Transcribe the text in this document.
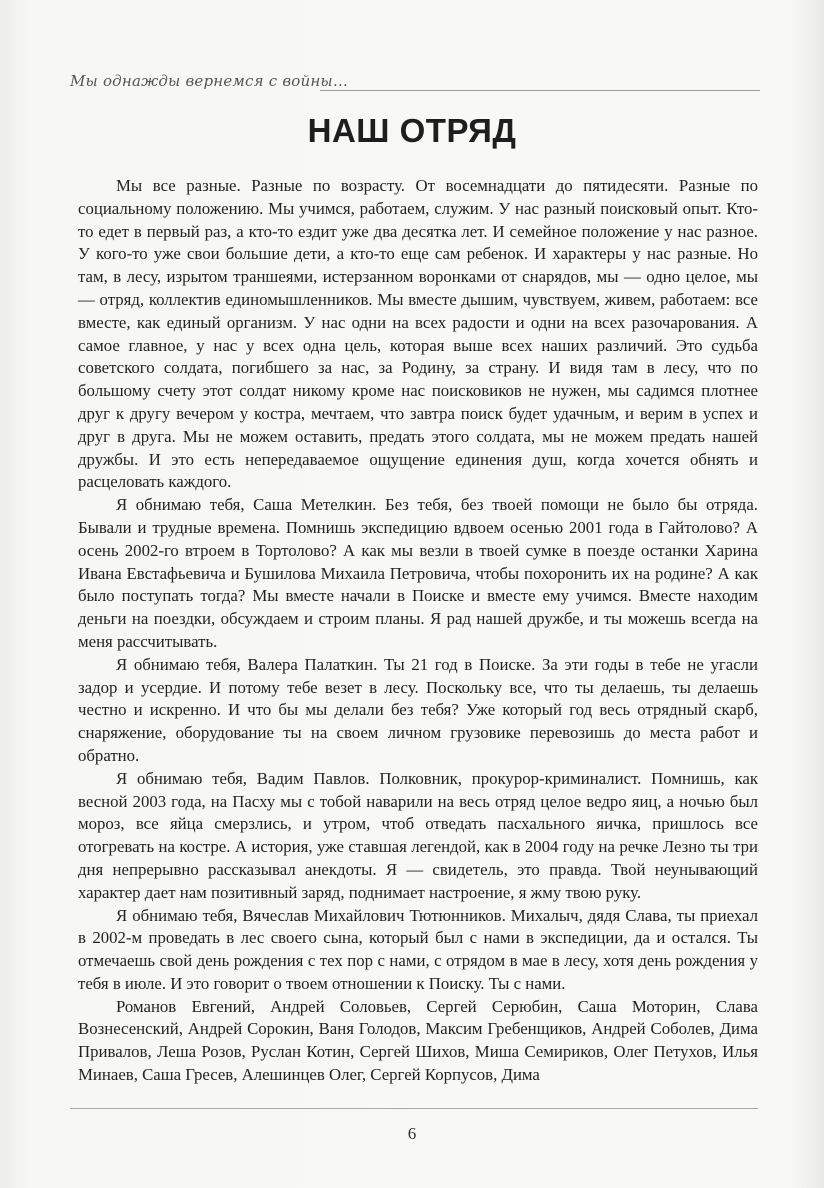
Мы однажды вернемся с войны…
НАШ ОТРЯД

Мы все разные. Разные по возрасту. От восемнадцати до пятидесяти. Разные по социальному положению. Мы учимся, работаем, служим. У нас разный поисковый опыт. Кто-то едет в первый раз, а кто-то ездит уже два десятка лет. И семейное положение у нас разное. У кого-то уже свои большие дети, а кто-то еще сам ребенок. И характеры у нас разные. Но там, в лесу, изрытом траншеями, истерзанном воронками от снарядов, мы — одно целое, мы — отряд, коллектив единомышленников. Мы вместе дышим, чувствуем, живем, работаем: все вместе, как единый организм. У нас одни на всех радости и одни на всех разочарования. А самое главное, у нас у всех одна цель, которая выше всех наших различий. Это судьба советского солдата, погибшего за нас, за Родину, за страну. И видя там в лесу, что по большому счету этот солдат никому кроме нас поисковиков не нужен, мы садимся плотнее друг к другу вечером у костра, мечтаем, что завтра поиск будет удачным, и верим в успех и друг в друга. Мы не можем оставить, предать этого солдата, мы не можем предать нашей дружбы. И это есть непередаваемое ощущение единения душ, когда хочется обнять и расцеловать каждого.

Я обнимаю тебя, Саша Метелкин. Без тебя, без твоей помощи не было бы отряда. Бывали и трудные времена. Помнишь экспедицию вдвоем осенью 2001 года в Гайтолово? А осень 2002-го втроем в Тортолово? А как мы везли в твоей сумке в поезде останки Харина Ивана Евстафьевича и Бушилова Михаила Петровича, чтобы похоронить их на родине? А как было поступать тогда? Мы вместе начали в Поиске и вместе ему учимся. Вместе находим деньги на поездки, обсуждаем и строим планы. Я рад нашей дружбе, и ты можешь всегда на меня рассчитывать.

Я обнимаю тебя, Валера Палаткин. Ты 21 год в Поиске. За эти годы в тебе не угасли задор и усердие. И потому тебе везет в лесу. Поскольку все, что ты делаешь, ты делаешь честно и искренно. И что бы мы делали без тебя? Уже который год весь отрядный скарб, снаряжение, оборудование ты на своем личном грузовике перевозишь до места работ и обратно.

Я обнимаю тебя, Вадим Павлов. Полковник, прокурор-криминалист. Помнишь, как весной 2003 года, на Пасху мы с тобой наварили на весь отряд целое ведро яиц, а ночью был мороз, все яйца смерзлись, и утром, чтоб отведать пасхального яичка, пришлось все отогревать на костре. А история, уже ставшая легендой, как в 2004 году на речке Лезно ты три дня непрерывно рассказывал анекдоты. Я — свидетель, это правда. Твой неунывающий характер дает нам позитивный заряд, поднимает настроение, я жму твою руку.

Я обнимаю тебя, Вячеслав Михайлович Тютюнников. Михалыч, дядя Слава, ты приехал в 2002-м проведать в лес своего сына, который был с нами в экспедиции, да и остался. Ты отмечаешь свой день рождения с тех пор с нами, с отрядом в мае в лесу, хотя день рождения у тебя в июле. И это говорит о твоем отношении к Поиску. Ты с нами.

Романов Евгений, Андрей Соловьев, Сергей Серюбин, Саша Моторин, Слава Вознесенский, Андрей Сорокин, Ваня Голодов, Максим Гребенщиков, Андрей Соболев, Дима Привалов, Леша Розов, Руслан Котин, Сергей Шихов, Миша Семириков, Олег Петухов, Илья Минаев, Саша Гресев, Алешинцев Олег, Сергей Корпусов, Дима

6
